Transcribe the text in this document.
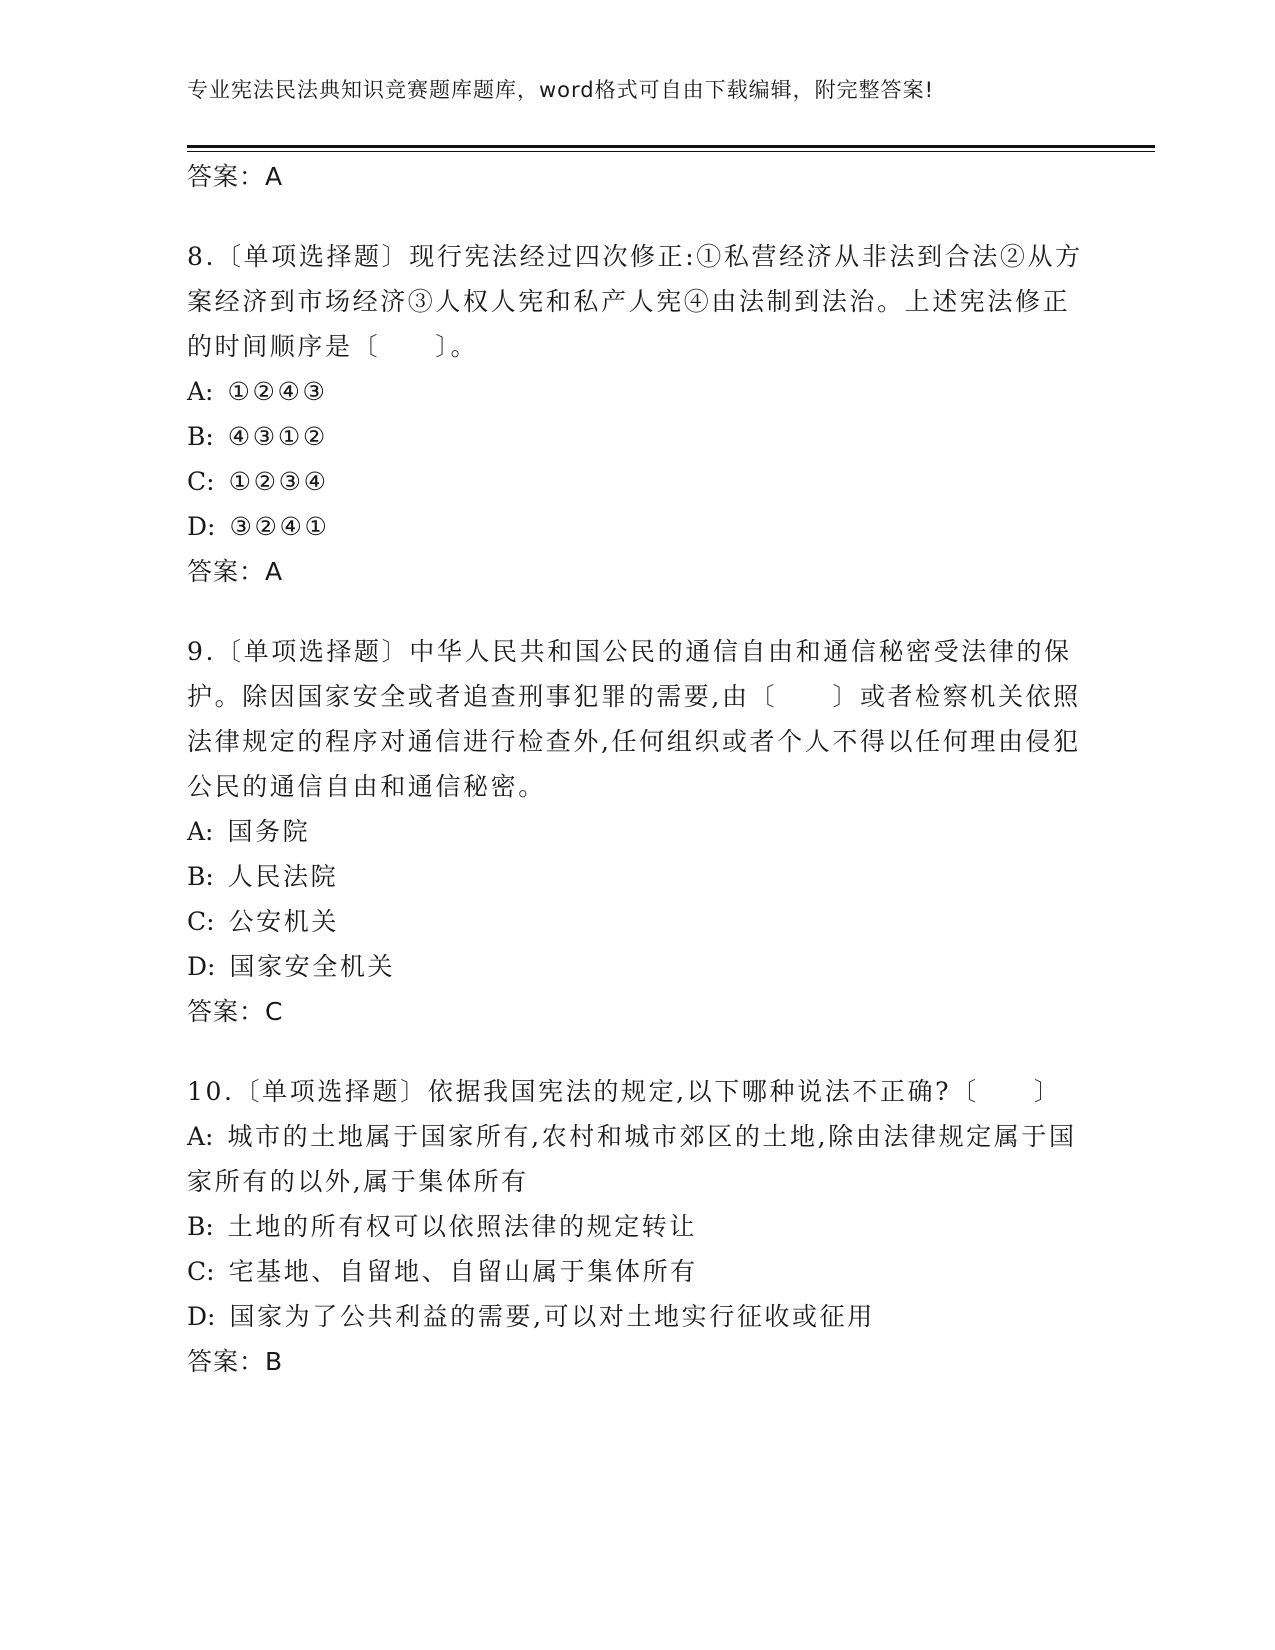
专业宪法民法典知识竞赛题库题库，word格式可自由下载编辑，附完整答案!
答案：A

8.〔单项选择题〕现行宪法经过四次修正:①私营经济从非法到合法②从方案经济到市场经济③人权人宪和私产人宪④由法制到法治。上述宪法修正的时间顺序是〔　　〕。

A: ①②④③
B: ④③①②
C: ①②③④
D: ③②④①
答案：A

9.〔单项选择题〕中华人民共和国公民的通信自由和通信秘密受法律的保护。除因国家安全或者追查刑事犯罪的需要,由〔　　〕或者检察机关依照法律规定的程序对通信进行检查外,任何组织或者个人不得以任何理由侵犯公民的通信自由和通信秘密。

A: 国务院
B: 人民法院
C: 公安机关
D: 国家安全机关
答案：C

10.〔单项选择题〕依据我国宪法的规定,以下哪种说法不正确?〔　　〕

A: 城市的土地属于国家所有,农村和城市郊区的土地,除由法律规定属于国家所有的以外,属于集体所有
B: 土地的所有权可以依照法律的规定转让
C: 宅基地、自留地、自留山属于集体所有
D: 国家为了公共利益的需要,可以对土地实行征收或征用
答案：B
